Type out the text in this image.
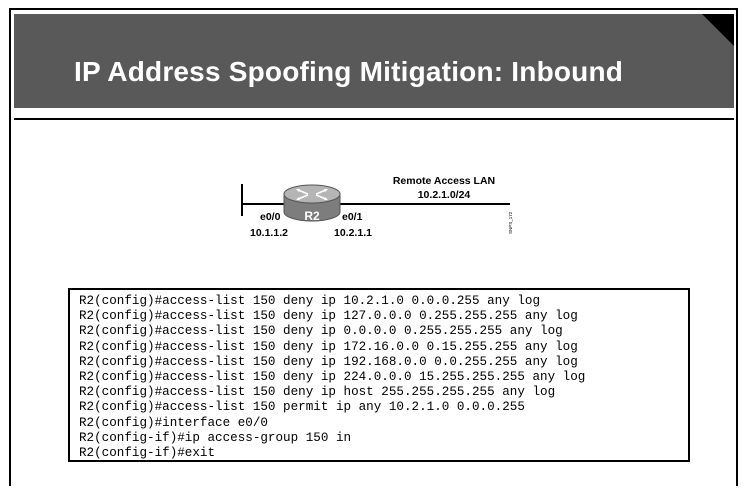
IP Address Spoofing Mitigation: Inbound
R2
e0/0
10.1.1.2
e0/1
10.2.1.1
Remote Access LAN
10.2.1.0/24
SNPS_172
R2(config)#access-list 150 deny ip 10.2.1.0 0.0.0.255 any log
R2(config)#access-list 150 deny ip 127.0.0.0 0.255.255.255 any log
R2(config)#access-list 150 deny ip 0.0.0.0 0.255.255.255 any log
R2(config)#access-list 150 deny ip 172.16.0.0 0.15.255.255 any log
R2(config)#access-list 150 deny ip 192.168.0.0 0.0.255.255 any log
R2(config)#access-list 150 deny ip 224.0.0.0 15.255.255.255 any log
R2(config)#access-list 150 deny ip host 255.255.255.255 any log
R2(config)#access-list 150 permit ip any 10.2.1.0 0.0.0.255
R2(config)#interface e0/0
R2(config-if)#ip access-group 150 in
R2(config-if)#exit
